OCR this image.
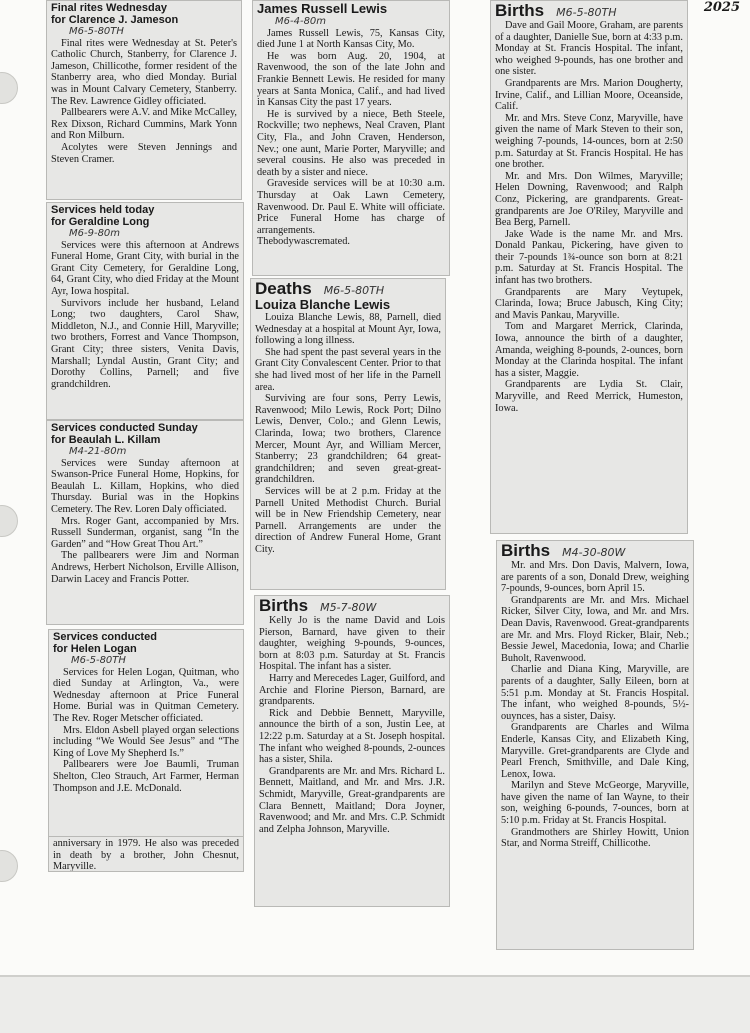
2025
Final rites Wednesday
for Clarence J. Jameson
M6-5-80TH

Final rites were Wednesday at St. Peter's Catholic Church, Stanberry, for Clarence J. Jameson, Chillicothe, former resident of the Stanberry area, who died Monday. Burial was in Mount Calvary Cemetery, Stanberry. The Rev. Lawrence Gidley officiated.

Pallbearers were A.V. and Mike McCalley, Rex Dixson, Richard Cummins, Mark Yonn and Ron Milburn.

Acolytes were Steven Jennings and Steven Cramer.

Services held today
for Geraldine Long
M6-9-80m

Services were this afternoon at Andrews Funeral Home, Grant City, with burial in the Grant City Cemetery, for Geraldine Long, 64, Grant City, who died Friday at the Mount Ayr, Iowa hospital.

Survivors include her husband, Leland Long; two daughters, Carol Shaw, Middleton, N.J., and Connie Hill, Maryville; two brothers, Forrest and Vance Thompson, Grant City; three sisters, Venita Davis, Marshall; Lyndal Austin, Grant City; and Dorothy Collins, Parnell; and five grandchildren.

Services conducted Sunday
for Beaulah L. Killam
M4-21-80m

Services were Sunday afternoon at Swanson-Price Funeral Home, Hopkins, for Beaulah L. Killam, Hopkins, who died Thursday. Burial was in the Hopkins Cemetery. The Rev. Loren Daly officiated.

Mrs. Roger Gant, accompanied by Mrs. Russell Sunderman, organist, sang “In the Garden” and “How Great Thou Art.”

The pallbearers were Jim and Norman Andrews, Herbert Nicholson, Erville Allison, Darwin Lacey and Francis Potter.

Services conducted
for Helen Logan
M6-5-80TH

Services for Helen Logan, Quitman, who died Sunday at Arlington, Va., were Wednesday afternoon at Price Funeral Home. Burial was in Quitman Cemetery. The Rev. Roger Metscher officiated.

Mrs. Eldon Asbell played organ selections including “We Would See Jesus” and “The King of Love My Shepherd Is.”

Pallbearers were Joe Baumli, Truman Shelton, Cleo Strauch, Art Farmer, Herman Thompson and J.E. McDonald.

anniversary in 1979. He also was preceded in death by a brother, John Chesnut, Maryville.

James Russell Lewis
M6-4-80m

James Russell Lewis, 75, Kansas City, died June 1 at North Kansas City, Mo.

He was born Aug. 20, 1904, at Ravenwood, the son of the late John and Frankie Bennett Lewis. He resided for many years at Santa Monica, Calif., and had lived in Kansas City the past 17 years.

He is survived by a niece, Beth Steele, Rockville; two nephews, Neal Craven, Plant City, Fla., and John Craven, Henderson, Nev.; one aunt, Marie Porter, Maryville; and several cousins. He also was preceded in death by a sister and niece.

Graveside services will be at 10:30 a.m. Thursday at Oak Lawn Cemetery, Ravenwood. Dr. Paul E. White will officiate. Price Funeral Home has charge of arrangements.

Thebodywascremated.

Deaths M6-5-80TH
Louiza Blanche Lewis

Louiza Blanche Lewis, 88, Parnell, died Wednesday at a hospital at Mount Ayr, Iowa, following a long illness.

She had spent the past several years in the Grant City Convalescent Center. Prior to that she had lived most of her life in the Parnell area.

Surviving are four sons, Perry Lewis, Ravenwood; Milo Lewis, Rock Port; Dilno Lewis, Denver, Colo.; and Glenn Lewis, Clarinda, Iowa; two brothers, Clarence Mercer, Mount Ayr, and William Mercer, Stanberry; 23 grandchildren; 64 great-grandchildren; and seven great-great-grandchildren.

Services will be at 2 p.m. Friday at the Parnell United Methodist Church. Burial will be in New Friendship Cemetery, near Parnell. Arrangements are under the direction of Andrew Funeral Home, Grant City.

Births M5-7-80W

Kelly Jo is the name David and Lois Pierson, Barnard, have given to their daughter, weighing 9-pounds, 9-ounces, born at 8:03 p.m. Saturday at St. Francis Hospital. The infant has a sister.

Harry and Merecedes Lager, Guilford, and Archie and Florine Pierson, Barnard, are grandparents.

Rick and Debbie Bennett, Maryville, announce the birth of a son, Justin Lee, at 12:22 p.m. Saturday at a St. Joseph hospital. The infant who weighed 8-pounds, 2-ounces has a sister, Shila.

Grandparents are Mr. and Mrs. Richard L. Bennett, Maitland, and Mr. and Mrs. J.R. Schmidt, Maryville, Great-grandparents are Clara Bennett, Maitland; Dora Joyner, Ravenwood; and Mr. and Mrs. C.P. Schmidt and Zelpha Johnson, Maryville.

Births M6-5-80TH

Dave and Gail Moore, Graham, are parents of a daughter, Danielle Sue, born at 4:33 p.m. Monday at St. Francis Hospital. The infant, who weighed 9-pounds, has one brother and one sister.

Grandparents are Mrs. Marion Dougherty, Irvine, Calif., and Lillian Moore, Oceanside, Calif.

Mr. and Mrs. Steve Conz, Maryville, have given the name of Mark Steven to their son, weighing 7-pounds, 14-ounces, born at 2:50 p.m. Saturday at St. Francis Hospital. He has one brother.

Mr. and Mrs. Don Wilmes, Maryville; Helen Downing, Ravenwood; and Ralph Conz, Pickering, are grandparents. Great-grandparents are Joe O'Riley, Maryville and Bea Berg, Parnell.

Jake Wade is the name Mr. and Mrs. Donald Pankau, Pickering, have given to their 7-pounds 1¾-ounce son born at 8:21 p.m. Saturday at St. Francis Hospital. The infant has two brothers.

Grandparents are Mary Veytupek, Clarinda, Iowa; Bruce Jabusch, King City; and Mavis Pankau, Maryville.

Tom and Margaret Merrick, Clarinda, Iowa, announce the birth of a daughter, Amanda, weighing 8-pounds, 2-ounces, born Monday at the Clarinda hospital. The infant has a sister, Maggie.

Grandparents are Lydia St. Clair, Maryville, and Reed Merrick, Humeston, Iowa.

Births M4-30-80W

Mr. and Mrs. Don Davis, Malvern, Iowa, are parents of a son, Donald Drew, weighing 7-pounds, 9-ounces, born April 15.

Grandparents are Mr. and Mrs. Michael Ricker, Silver City, Iowa, and Mr. and Mrs. Dean Davis, Ravenwood. Great-grandparents are Mr. and Mrs. Floyd Ricker, Blair, Neb.; Bessie Jewel, Macedonia, Iowa; and Charlie Buholt, Ravenwood.

Charlie and Diana King, Maryville, are parents of a daughter, Sally Eileen, born at 5:51 p.m. Monday at St. Francis Hospital. The infant, who weighed 8-pounds, 5½-ouynces, has a sister, Daisy.

Grandparents are Charles and Wilma Enderle, Kansas City, and Elizabeth King, Maryville. Gret-grandparents are Clyde and Pearl French, Smithville, and Dale King, Lenox, Iowa.

Marilyn and Steve McGeorge, Maryville, have given the name of Ian Wayne, to their son, weighing 6-pounds, 7-ounces, born at 5:10 p.m. Friday at St. Francis Hospital.

Grandmothers are Shirley Howitt, Union Star, and Norma Streiff, Chillicothe.
